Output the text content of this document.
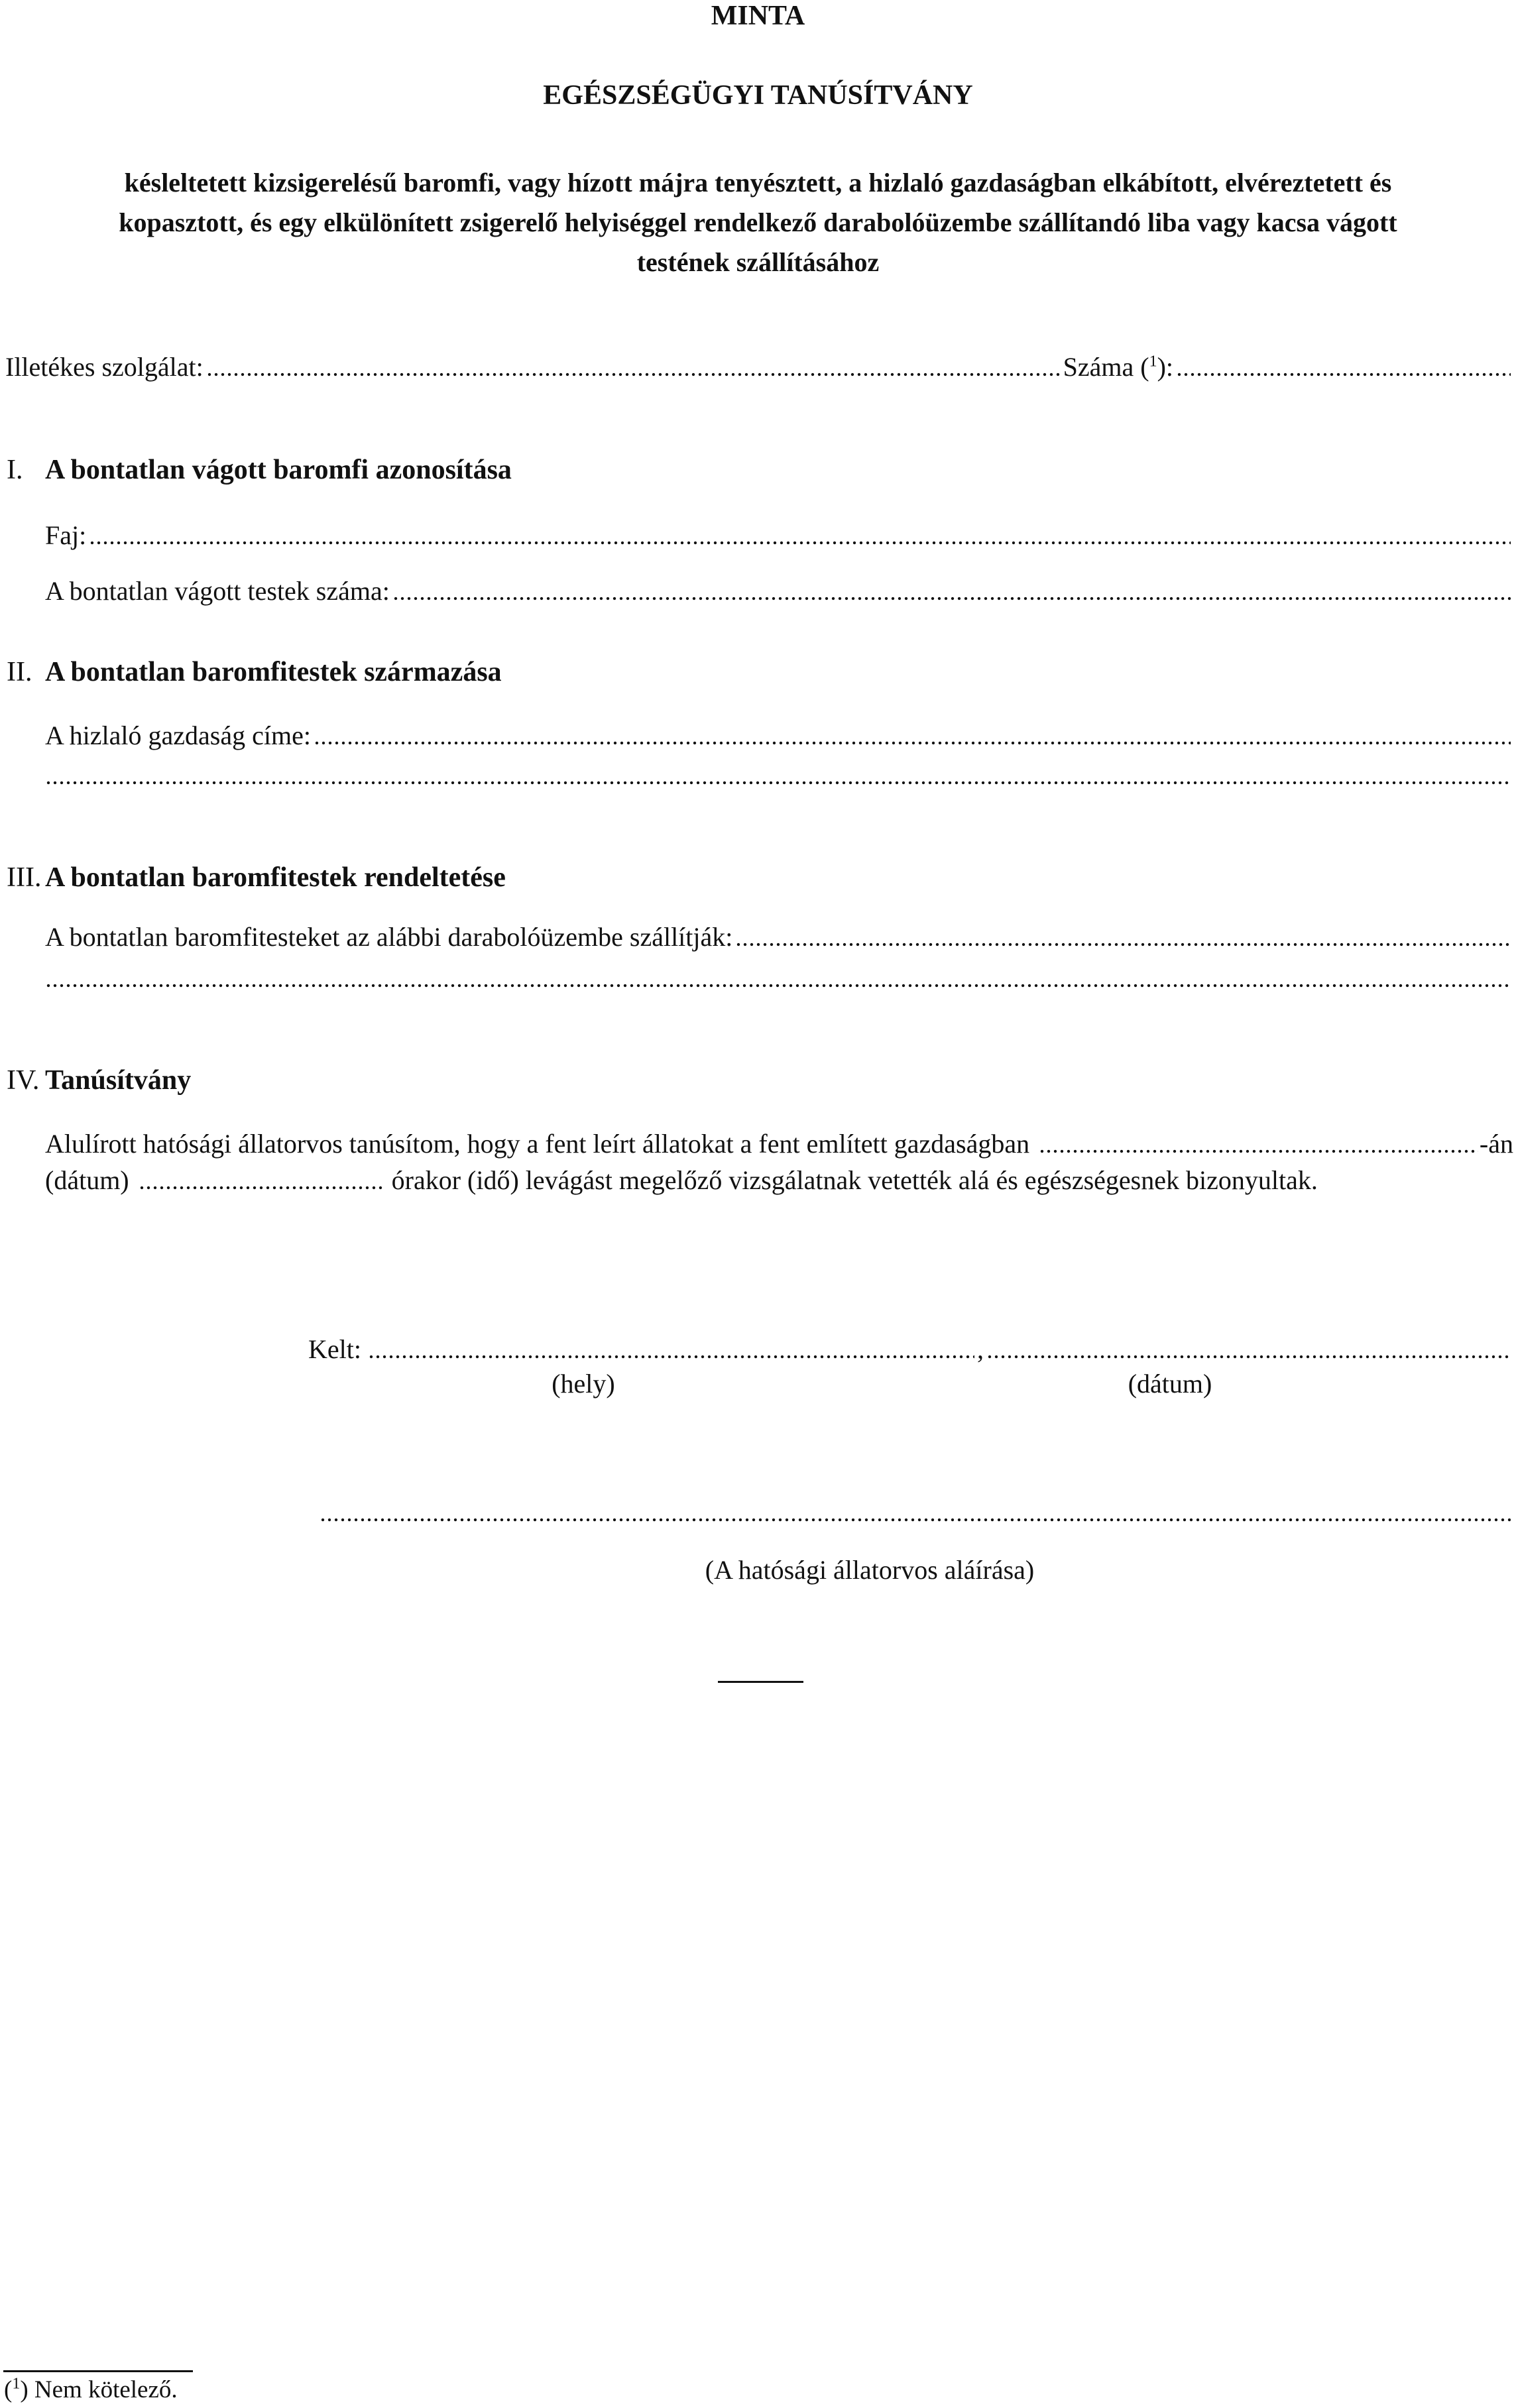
MINTA
EGÉSZSÉGÜGYI TANÚSÍTVÁNY
késleltetett kizsigerelésű baromfi, vagy hízott májra tenyésztett, a hizlaló gazdaságban elkábított, elvéreztetett és
kopasztott, és egy elkülönített zsigerelő helyiséggel rendelkező darabolóüzembe szállítandó liba vagy kacsa vágott
testének szállításához
Illetékes szolgálat:	Száma ($^1$):
I. A bontatlan vágott baromfi azonosítása
Faj:
A bontatlan vágott testek száma:
II. A bontatlan baromfitestek származása
A hizlaló gazdaság címe:
III. A bontatlan baromfitestek rendeltetése
A bontatlan baromfitesteket az alábbi darabolóüzembe szállítják:
IV. Tanúsítvány
Alulírott hatósági állatorvos tanúsítom, hogy a fent leírt állatokat a fent említett gazdaságban	-án
(dátum)	órakor (idő) levágást megelőző vizsgálatnak vetették alá és egészségesnek bizonyultak.
Kelt:	,
(hely)	(dátum)
(A hatósági állatorvos aláírása)
($^1$) Nem kötelező.
